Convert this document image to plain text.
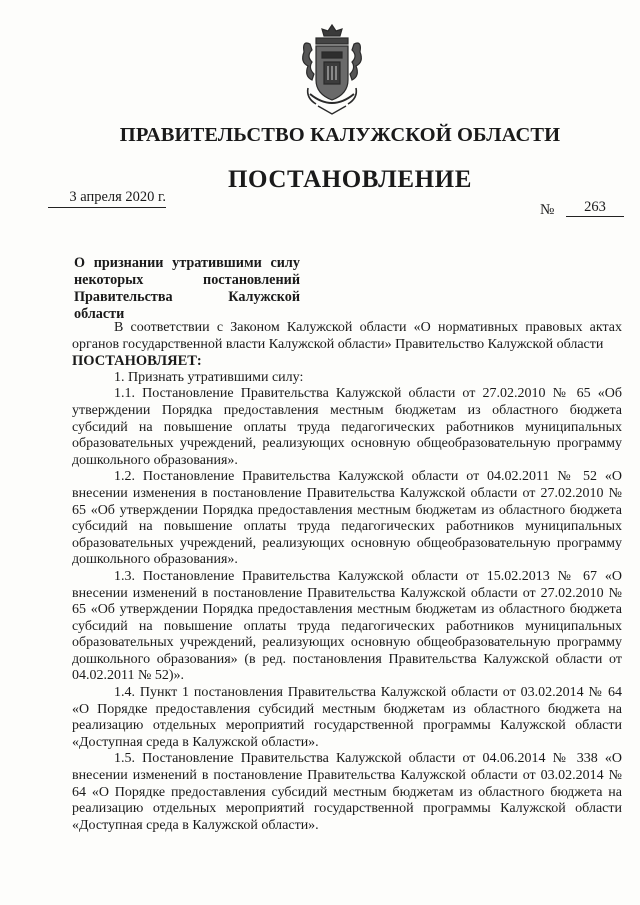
ПРАВИТЕЛЬСТВО КАЛУЖСКОЙ ОБЛАСТИ
ПОСТАНОВЛЕНИЕ
3 апреля 2020 г.
№	263
О признании утратившими силу
некоторых постановлений
Правительства Калужской области

В соответствии с Законом Калужской области «О нормативных правовых актах органов государственной власти Калужской области» Правительство Калужской области

ПОСТАНОВЛЯЕТ:

1. Признать утратившими силу:

1.1. Постановление Правительства Калужской области от 27.02.2010 № 65 «Об утверждении Порядка предоставления местным бюджетам из областного бюджета субсидий на повышение оплаты труда педагогических работников муниципальных образовательных учреждений, реализующих основную общеобразовательную программу дошкольного образования».

1.2. Постановление Правительства Калужской области от 04.02.2011 № 52 «О внесении изменения в постановление Правительства Калужской области от 27.02.2010 № 65 «Об утверждении Порядка предоставления местным бюджетам из областного бюджета субсидий на повышение оплаты труда педагогических работников муниципальных образовательных учреждений, реализующих основную общеобразовательную программу дошкольного образования».

1.3. Постановление Правительства Калужской области от 15.02.2013 № 67 «О внесении изменений в постановление Правительства Калужской области от 27.02.2010 № 65 «Об утверждении Порядка предоставления местным бюджетам из областного бюджета субсидий на повышение оплаты труда педагогических работников муниципальных образовательных учреждений, реализующих основную общеобразовательную программу дошкольного образования» (в ред. постановления Правительства Калужской области от 04.02.2011 № 52)».

1.4. Пункт 1 постановления Правительства Калужской области от 03.02.2014 № 64 «О Порядке предоставления субсидий местным бюджетам из областного бюджета на реализацию отдельных мероприятий государственной программы Калужской области «Доступная среда в Калужской области».

1.5. Постановление Правительства Калужской области от 04.06.2014 № 338 «О внесении изменений в постановление Правительства Калужской области от 03.02.2014 № 64 «О Порядке предоставления субсидий местным бюджетам из областного бюджета на реализацию отдельных мероприятий государственной программы Калужской области «Доступная среда в Калужской области».
